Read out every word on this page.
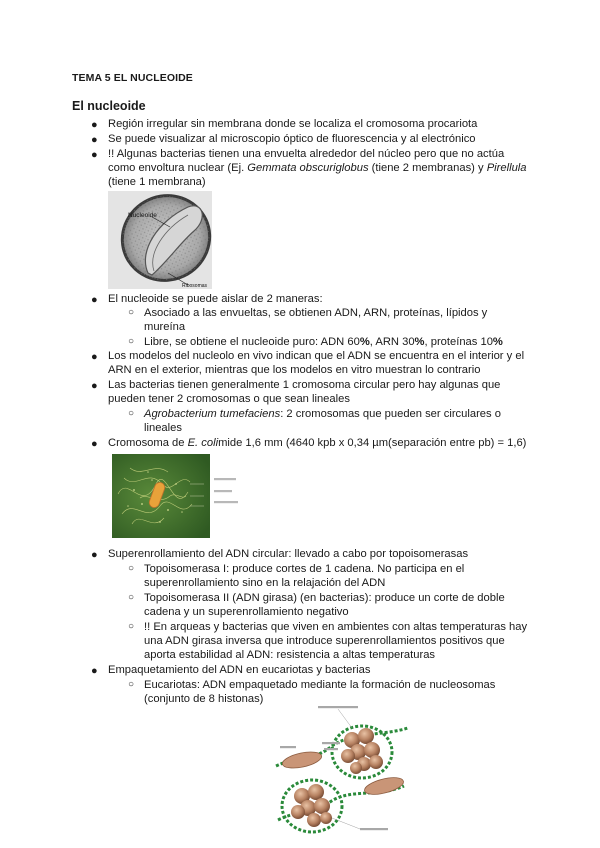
TEMA 5 EL NUCLEOIDE
El nucleoide
● Región irregular sin membrana donde se localiza el cromosoma procariota
● Se puede visualizar al microscopio óptico de fluorescencia y al electrónico
● !! Algunas bacterias tienen una envuelta alrededor del núcleo pero que no actúa
como envoltura nuclear (Ej. Gemmata obscuriglobus (tiene 2 membranas) y Pirellula
(tiene 1 membrana)
Nucleoide
Ribosomas
● El nucleoide se puede aislar de 2 maneras:
○ Asociado a las envueltas, se obtienen ADN, ARN, proteínas, lípidos y
mureína
○ Libre, se obtiene el nucleoide puro: ADN 60%, ARN 30%, proteínas 10%
● Los modelos del nucleolo en vivo indican que el ADN se encuentra en el interior y el
ARN en el exterior, mientras que los modelos en vitro muestran lo contrario
● Las bacterias tienen generalmente 1 cromosoma circular pero hay algunas que
pueden tener 2 cromosomas o que sean lineales
○ Agrobacterium tumefaciens: 2 cromosomas que pueden ser circulares o
lineales
● Cromosoma de E. colimide 1,6 mm (4640 kpb x 0,34 µm(separación entre pb) = 1,6)
● Superenrollamiento del ADN circular: llevado a cabo por topoisomerasas
○ Topoisomerasa I: produce cortes de 1 cadena. No participa en el
superenrollamiento sino en la relajación del ADN
○ Topoisomerasa II (ADN girasa) (en bacterias): produce un corte de doble
cadena y un superenrollamiento negativo
○ !! En arqueas y bacterias que viven en ambientes con altas temperaturas hay
una ADN girasa inversa que introduce superenrollamientos positivos que
aporta estabilidad al ADN: resistencia a altas temperaturas
● Empaquetamiento del ADN en eucariotas y bacterias
○ Eucariotas: ADN empaquetado mediante la formación de nucleosomas
(conjunto de 8 histonas)
